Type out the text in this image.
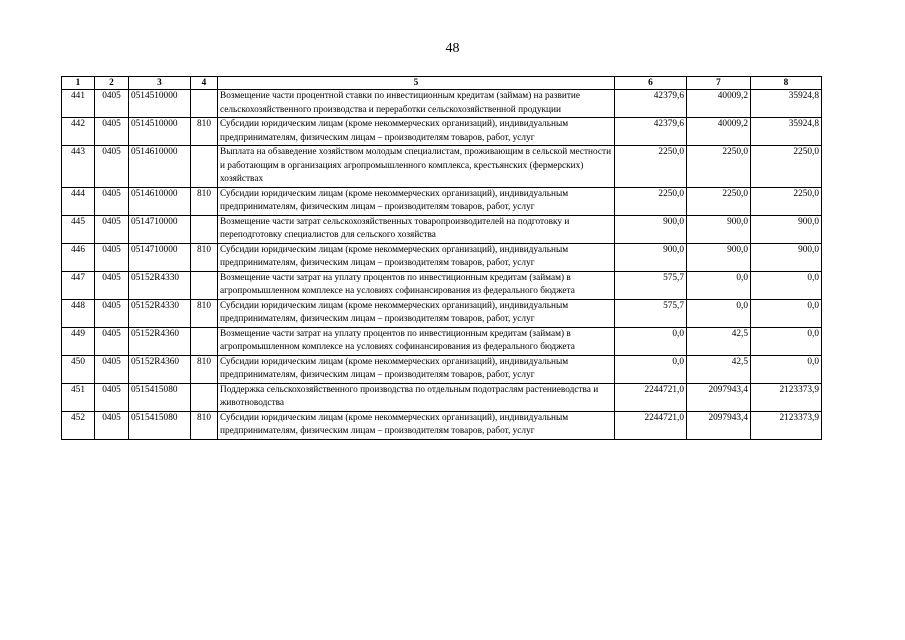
48
1	2	3	4	5	6	7	8
441	0405	0514510000		Возмещение части процентной ставки по инвестиционным кредитам (займам) на развитие сельскохозяйственного производства и переработки сельскохозяйственной продукции	42379,6	40009,2	35924,8
442	0405	0514510000	810	Субсидии юридическим лицам (кроме некоммерческих организаций), индивидуальным предпринимателям, физическим лицам – производителям товаров, работ, услуг	42379,6	40009,2	35924,8
443	0405	0514610000		Выплата на обзаведение хозяйством молодым специалистам, проживающим в сельской местности и работающим в организациях агропромышленного комплекса, крестьянских (фермерских) хозяйствах	2250,0	2250,0	2250,0
444	0405	0514610000	810	Субсидии юридическим лицам (кроме некоммерческих организаций), индивидуальным предпринимателям, физическим лицам – производителям товаров, работ, услуг	2250,0	2250,0	2250,0
445	0405	0514710000		Возмещение части затрат сельскохозяйственных товаропроизводителей на подготовку и переподготовку специалистов для сельского хозяйства	900,0	900,0	900,0
446	0405	0514710000	810	Субсидии юридическим лицам (кроме некоммерческих организаций), индивидуальным предпринимателям, физическим лицам – производителям товаров, работ, услуг	900,0	900,0	900,0
447	0405	05152R4330		Возмещение части затрат на уплату процентов по инвестиционным кредитам (займам) в агропромышленном комплексе на условиях софинансирования из федерального бюджета	575,7	0,0	0,0
448	0405	05152R4330	810	Субсидии юридическим лицам (кроме некоммерческих организаций), индивидуальным предпринимателям, физическим лицам – производителям товаров, работ, услуг	575,7	0,0	0,0
449	0405	05152R4360		Возмещение части затрат на уплату процентов по инвестиционным кредитам (займам) в агропромышленном комплексе на условиях софинансирования из федерального бюджета	0,0	42,5	0,0
450	0405	05152R4360	810	Субсидии юридическим лицам (кроме некоммерческих организаций), индивидуальным предпринимателям, физическим лицам – производителям товаров, работ, услуг	0,0	42,5	0,0
451	0405	0515415080		Поддержка сельскохозяйственного производства по отдельным подотраслям растениеводства и животноводства	2244721,0	2097943,4	2123373,9
452	0405	0515415080	810	Субсидии юридическим лицам (кроме некоммерческих организаций), индивидуальным предпринимателям, физическим лицам – производителям товаров, работ, услуг	2244721,0	2097943,4	2123373,9
